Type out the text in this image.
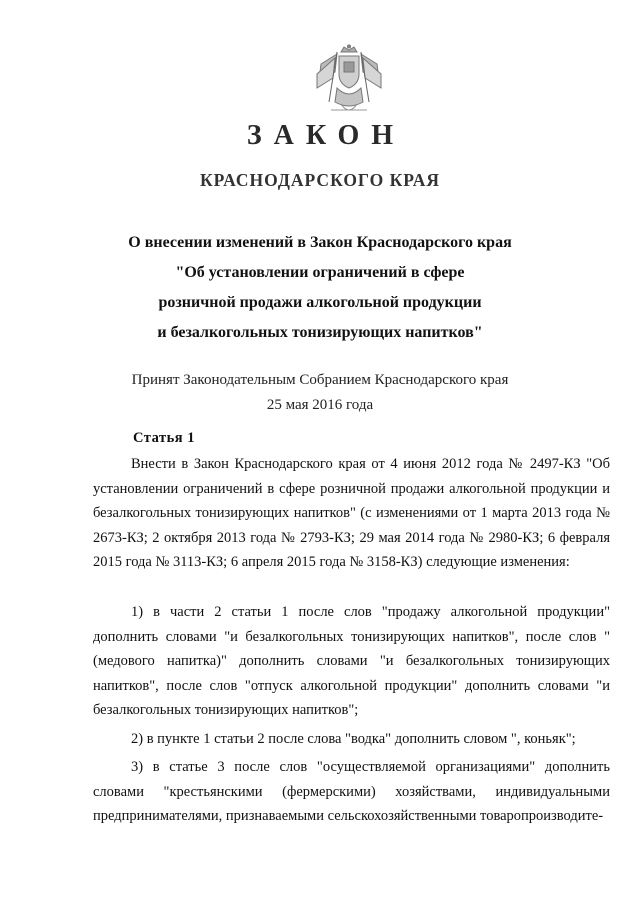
ЗАКОН
КРАСНОДАРСКОГО КРАЯ
О внесении изменений в Закон Краснодарского края
"Об установлении ограничений в сфере
розничной продажи алкогольной продукции
и безалкогольных тонизирующих напитков"
Принят Законодательным Собранием Краснодарского края
25 мая 2016 года
Статья 1

Внести в Закон Краснодарского края от 4 июня 2012 года № 2497-КЗ "Об установлении ограничений в сфере розничной продажи алкогольной продукции и безалкогольных тонизирующих напитков" (с изменениями от 1 марта 2013 года № 2673-КЗ; 2 октября 2013 года № 2793-КЗ; 29 мая 2014 года № 2980-КЗ; 6 февраля 2015 года № 3113-КЗ; 6 апреля 2015 года № 3158-КЗ) следующие изменения:

1) в части 2 статьи 1 после слов "продажу алкогольной продукции" дополнить словами "и безалкогольных тонизирующих напитков", после слов "(медового напитка)" дополнить словами "и безалкогольных тонизирующих напитков", после слов "отпуск алкогольной продукции" дополнить словами "и безалкогольных тонизирующих напитков";

2) в пункте 1 статьи 2 после слова "водка" дополнить словом ", коньяк";

3) в статье 3 после слов "осуществляемой организациями" дополнить словами "крестьянскими (фермерскими) хозяйствами, индивидуальными предпринимателями, признаваемыми сельскохозяйственными товаропроизводите-
